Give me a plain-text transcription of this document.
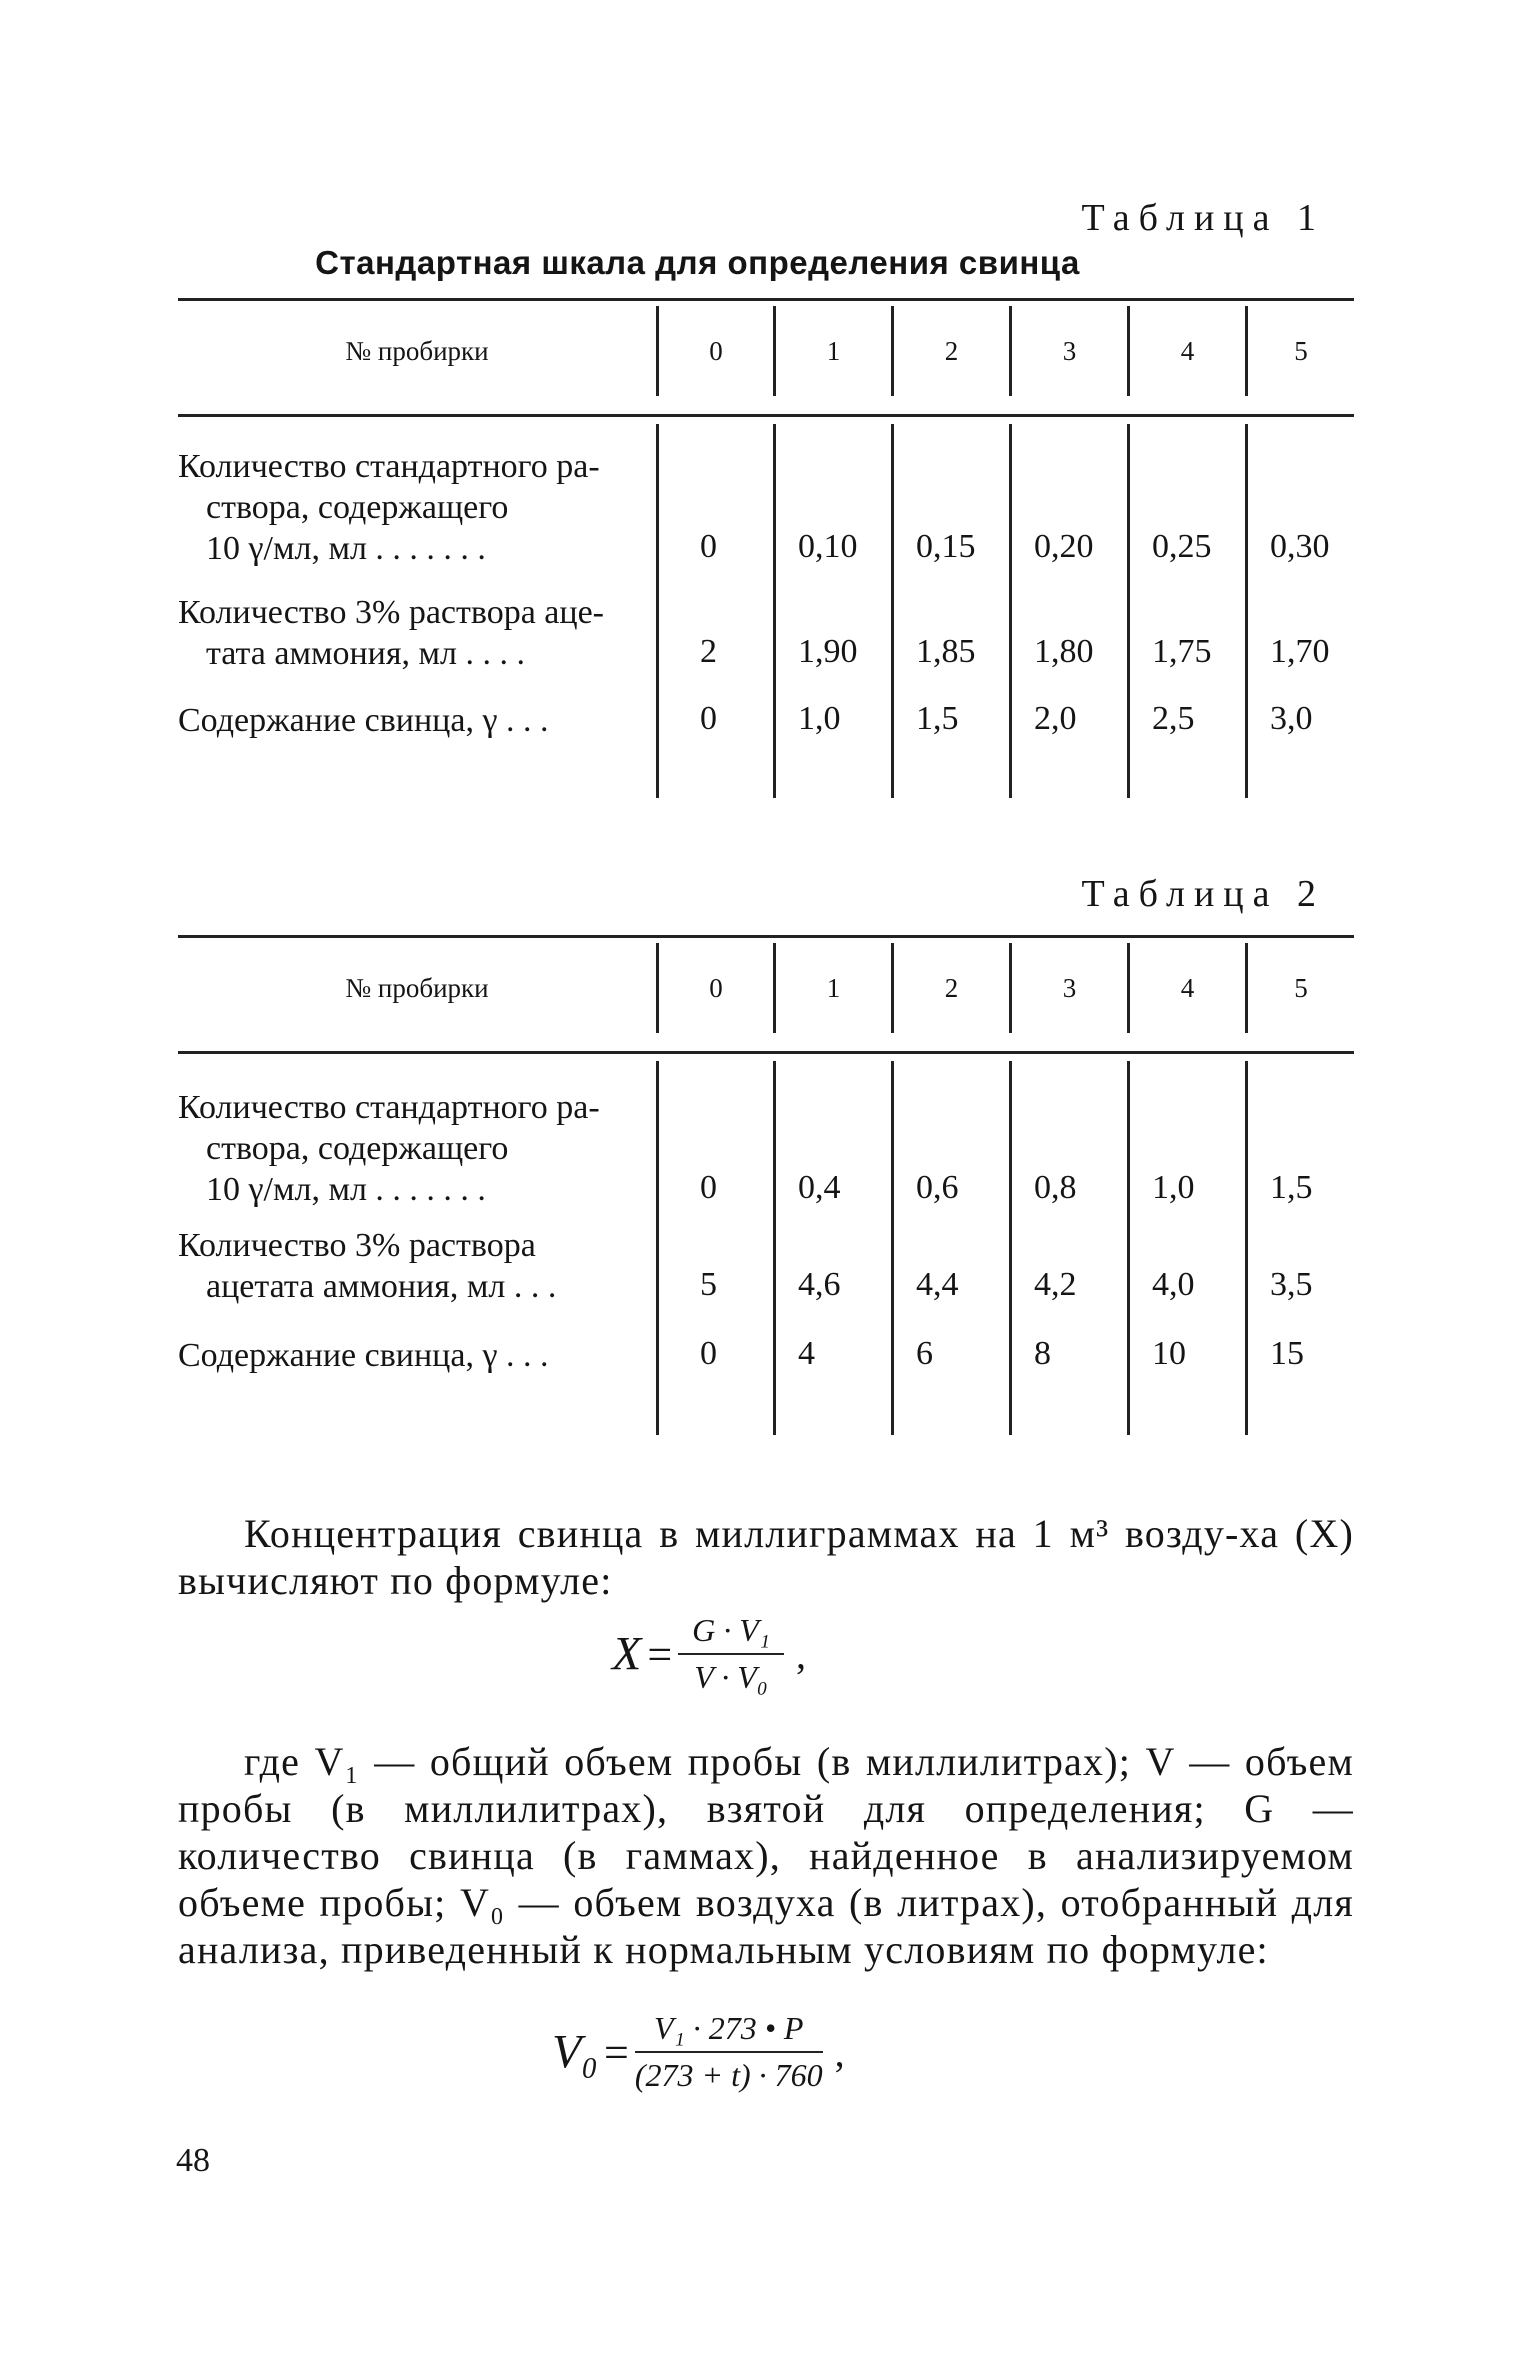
Таблица 1
Стандартная шкала для определения свинца
№ пробирки	0	1	2	3	4	5
Количество стандартного ра-
створа, содержащего
10 γ/мл, мл . . . . . . .	0 0,10 0,15 0,20 0,25 0,30
Количество 3% раствора аце-
тата аммония, мл . . . .	2 1,90 1,85 1,80 1,75 1,70
Содержание свинца, γ . . .	0 1,0 1,5 2,0 2,5 3,0
Таблица 2
№ пробирки	0	1	2	3	4	5
Количество стандартного ра-
створа, содержащего
10 γ/мл, мл . . . . . . .	0 0,4 0,6 0,8 1,0 1,5
Количество 3% раствора
ацетата аммония, мл . . .	5 4,6 4,4 4,2 4,0 3,5
Содержание свинца, γ . . .	0 4	6	8	10 15

Концентрация свинца в миллиграммах на 1 м³ возду-ха (X) вычисляют по формуле:

$X = \frac{\text{G · V₁}}{\text{V · V₀}}$ ,

где V₁ — общий объем пробы (в миллилитрах); V — объем пробы (в миллилитрах), взятой для определения; G — количество свинца (в гаммах), найденное в анализируемом объеме пробы; V₀ — объем воздуха (в литрах), отобранный для анализа, приведенный к нормальным условиям по формуле:

$V_0 = \frac{\text{V₁ · 273 • P}}{(273 + t) \cdot 760}$ ,
48
